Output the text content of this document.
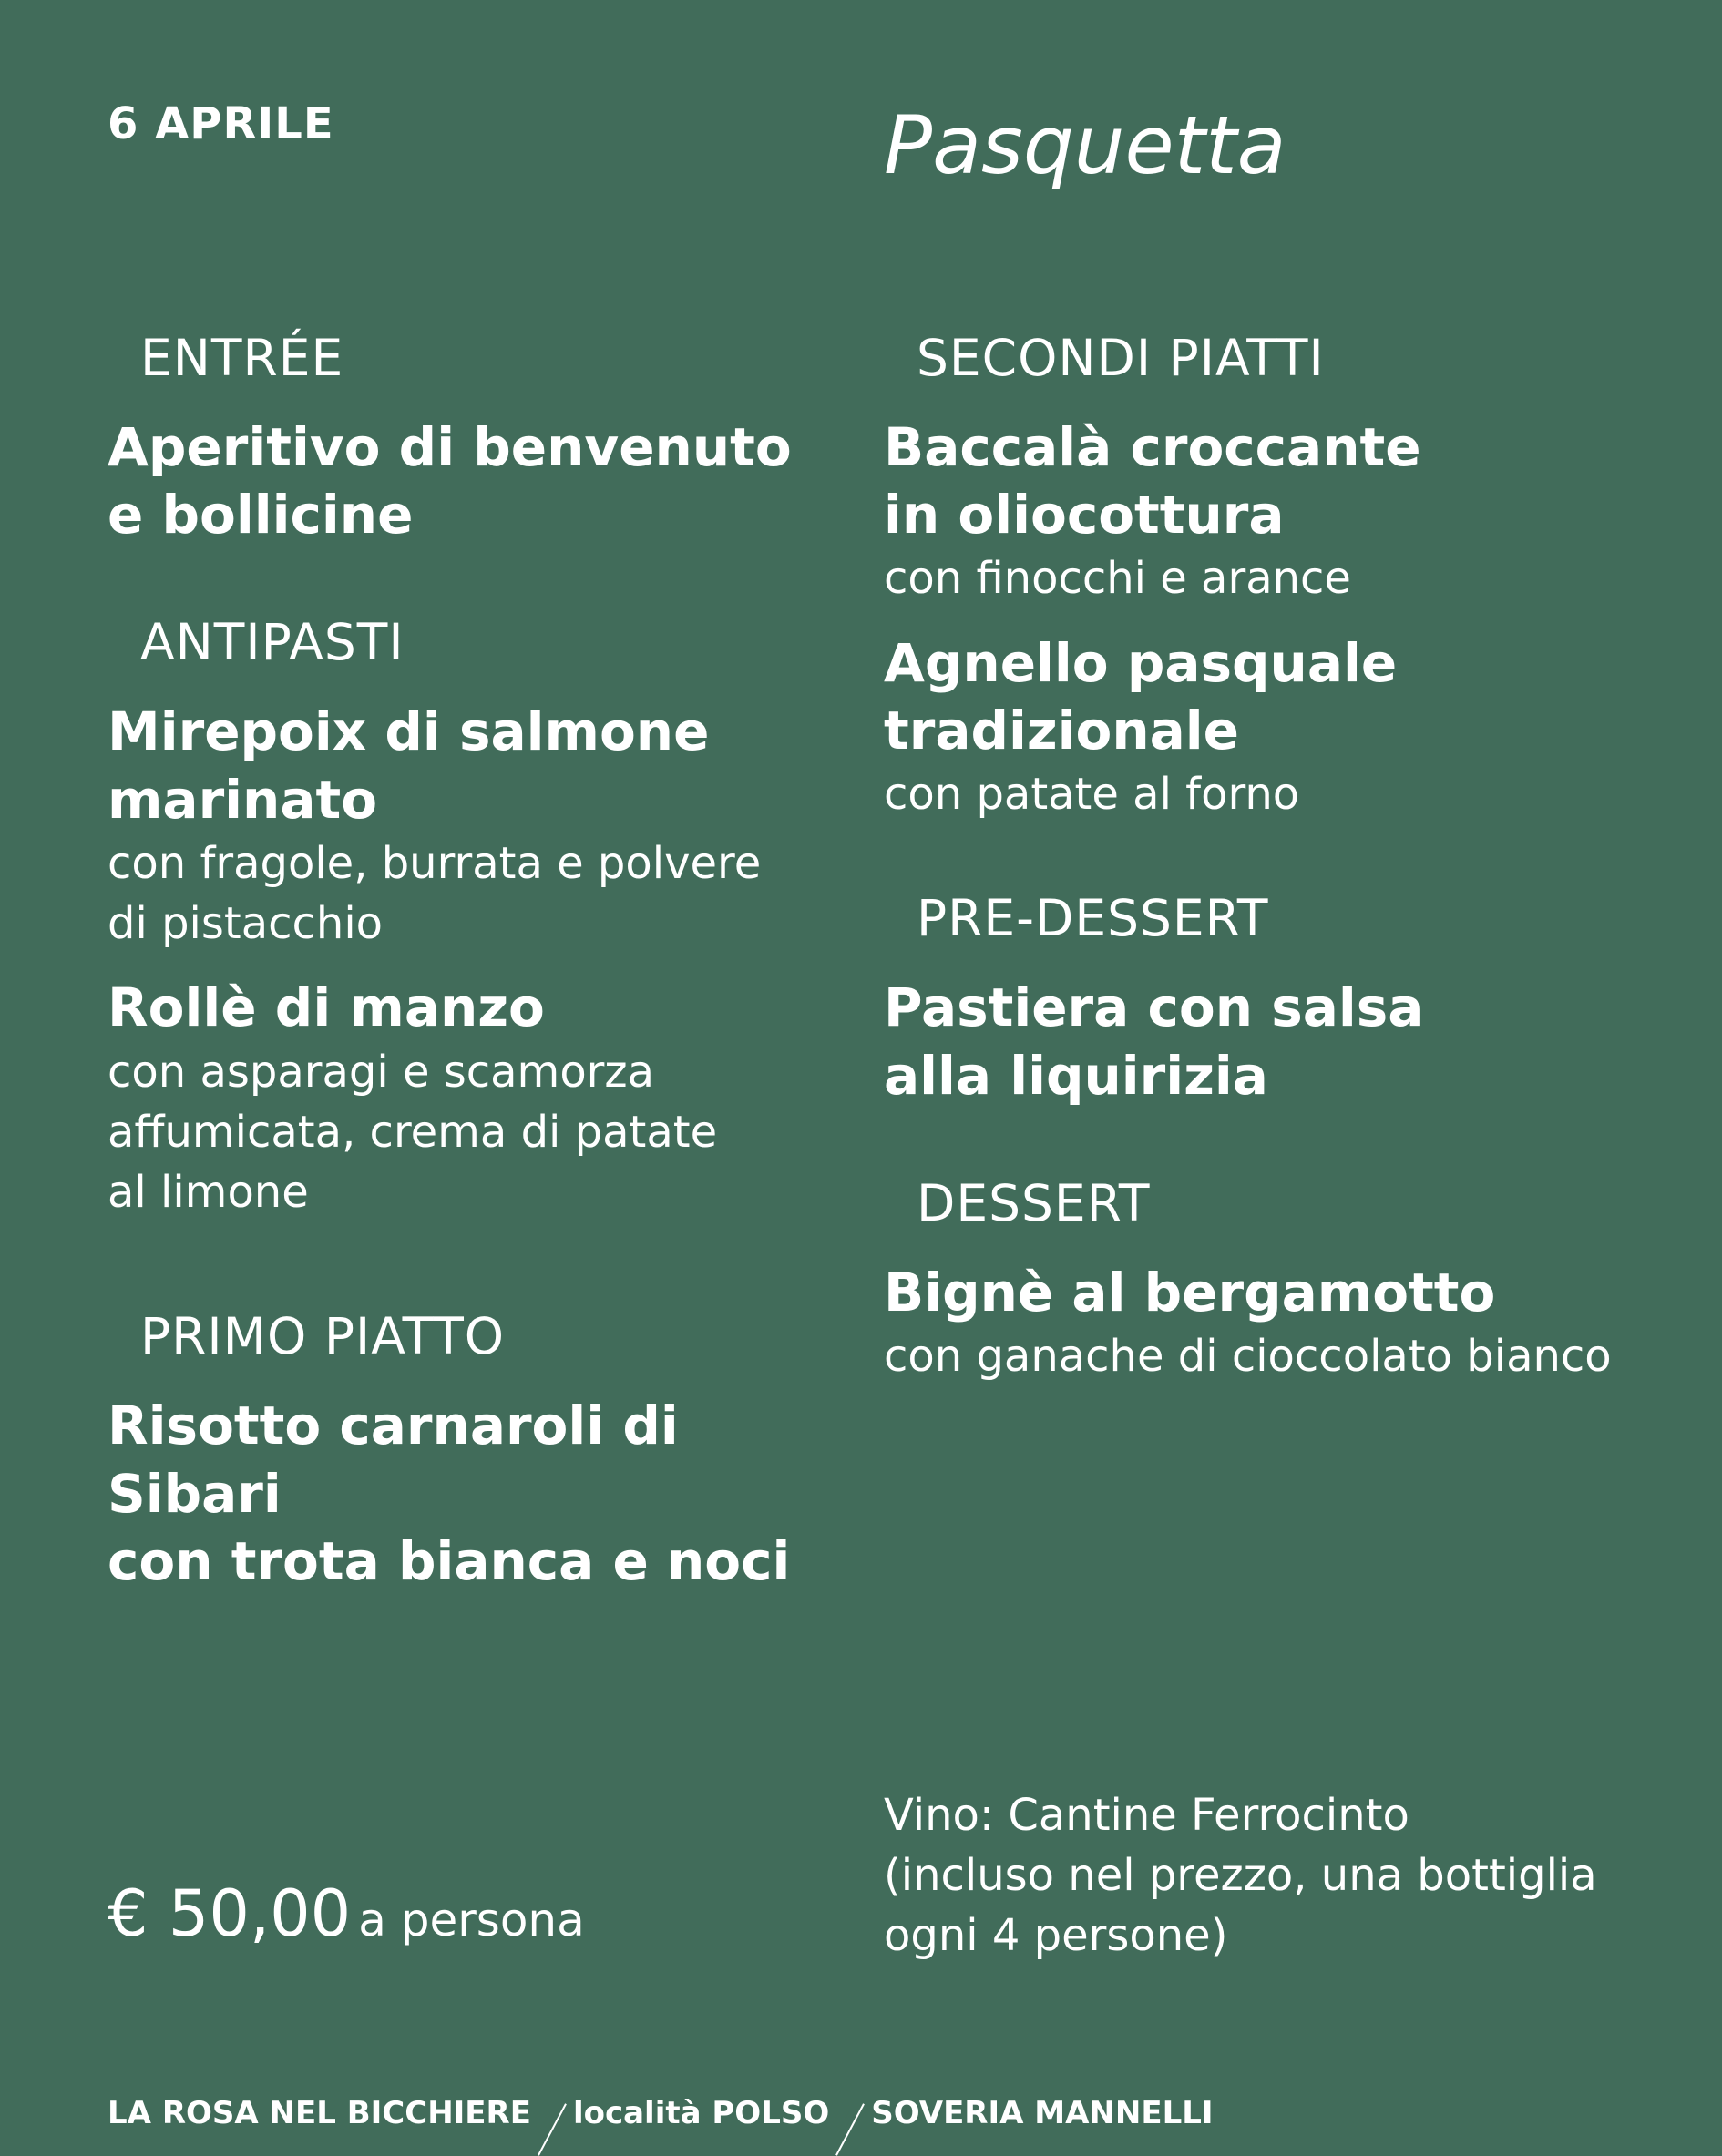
6 APRILE	Pasquetta
ENTRÉE
Aperitivo di benvenuto
e bollicine
ANTIPASTI
Mirepoix di salmone
marinato
con fragole, burrata e polvere
di pistacchio
Rollè di manzo
con asparagi e scamorza
affumicata, crema di patate
al limone
PRIMO PIATTO
Risotto carnaroli di Sibari
con trota bianca e noci
SECONDI PIATTI
Baccalà croccante
in oliocottura
con finocchi e arance
Agnello pasquale
tradizionale
con patate al forno
PRE-DESSERT
Pastiera con salsa
alla liquirizia
DESSERT
Bignè al bergamotto
con ganache di cioccolato bianco
Vino: Cantine Ferrocinto
(incluso nel prezzo, una bottiglia
ogni 4 persone)
€ 50,00 a persona
LA ROSA NEL BICCHIERE località POLSO SOVERIA MANNELLI
